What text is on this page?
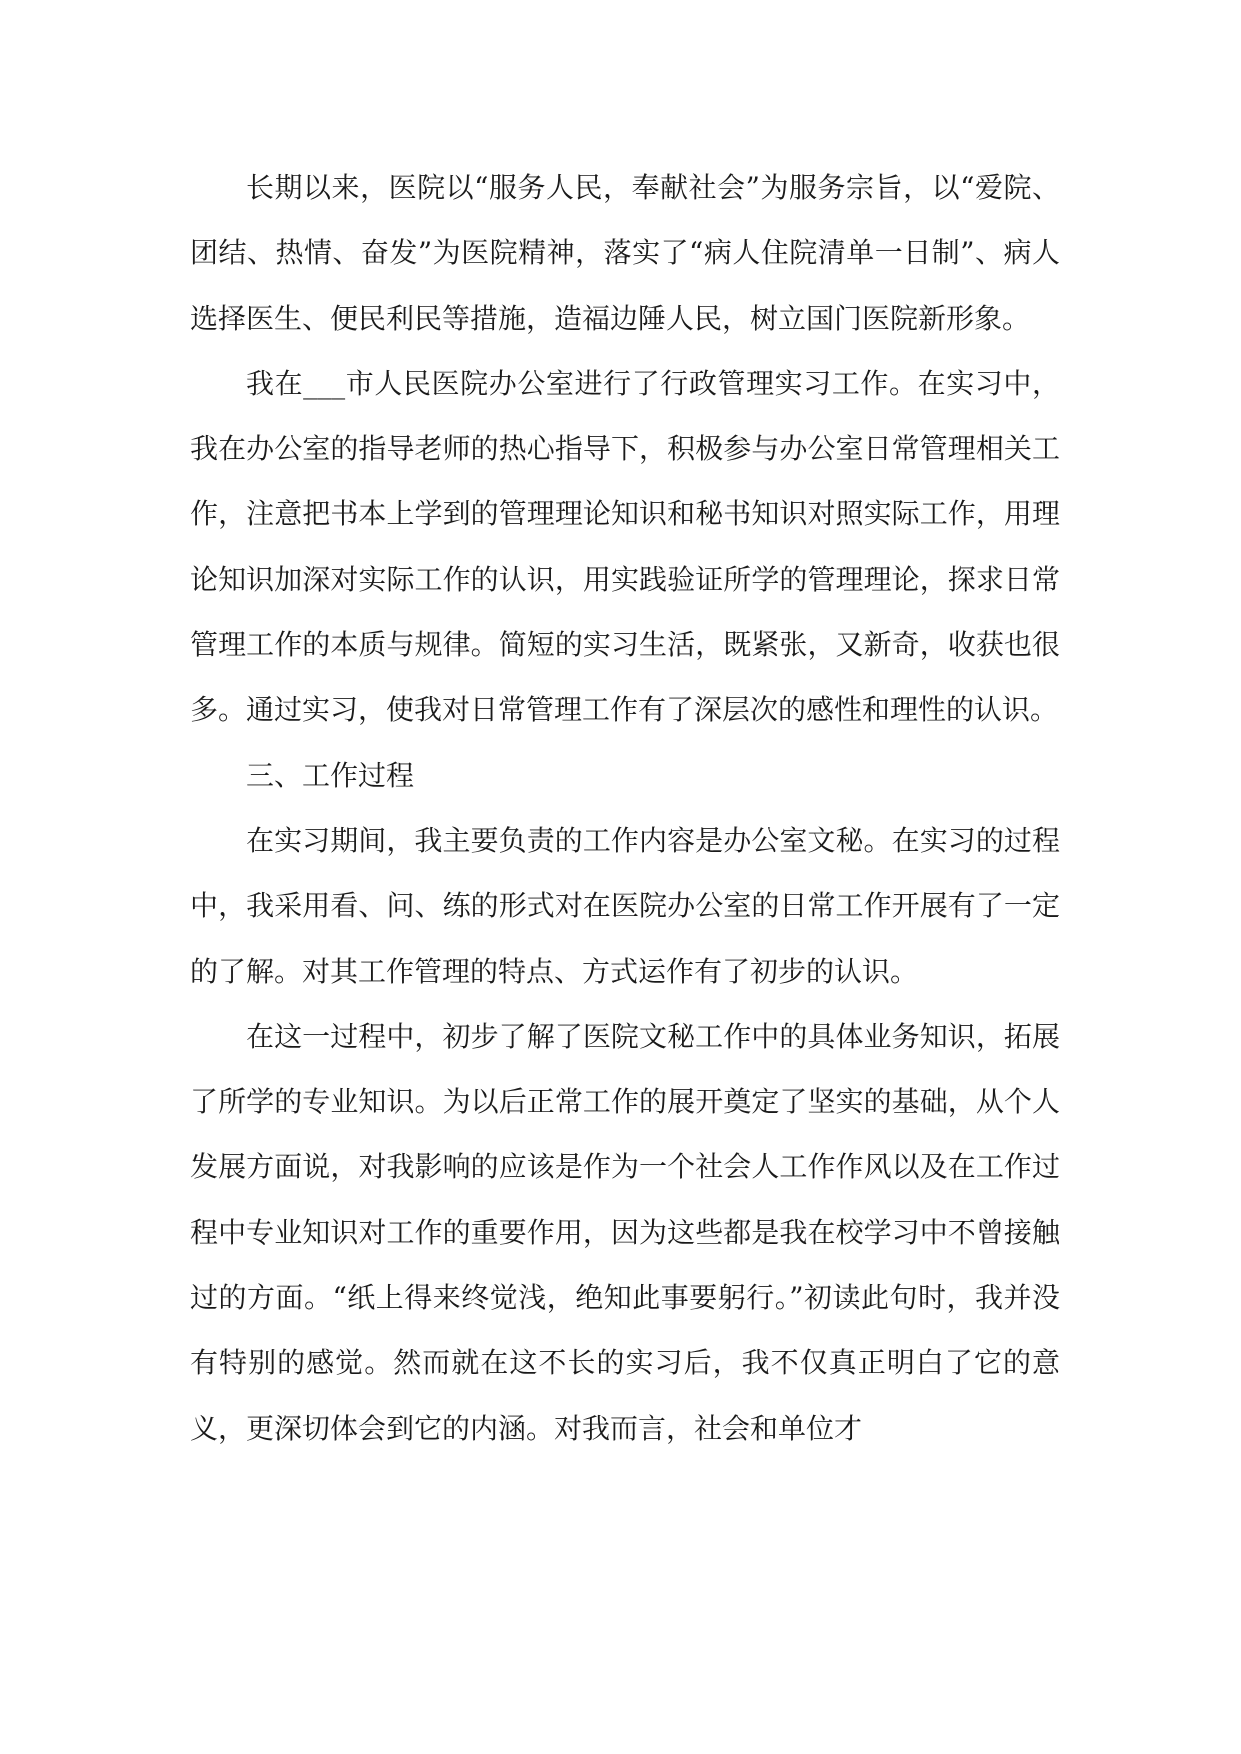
长期以来，医院以“服务人民，奉献社会”为服务宗旨，以“爱院、团结、热情、奋发”为医院精神，落实了“病人住院清单一日制”、病人选择医生、便民利民等措施，造福边陲人民，树立国门医院新形象。

我在___市人民医院办公室进行了行政管理实习工作。在实习中，我在办公室的指导老师的热心指导下，积极参与办公室日常管理相关工作，注意把书本上学到的管理理论知识和秘书知识对照实际工作，用理论知识加深对实际工作的认识，用实践验证所学的管理理论，探求日常管理工作的本质与规律。简短的实习生活，既紧张，又新奇，收获也很多。通过实习，使我对日常管理工作有了深层次的感性和理性的认识。

三、工作过程

在实习期间，我主要负责的工作内容是办公室文秘。在实习的过程中，我采用看、问、练的形式对在医院办公室的日常工作开展有了一定的了解。对其工作管理的特点、方式运作有了初步的认识。

在这一过程中，初步了解了医院文秘工作中的具体业务知识，拓展了所学的专业知识。为以后正常工作的展开奠定了坚实的基础，从个人发展方面说，对我影响的应该是作为一个社会人工作作风以及在工作过程中专业知识对工作的重要作用，因为这些都是我在校学习中不曾接触过的方面。“纸上得来终觉浅，绝知此事要躬行。”初读此句时，我并没有特别的感觉。然而就在这不长的实习后，我不仅真正明白了它的意义，更深切体会到它的内涵。对我而言，社会和单位才
